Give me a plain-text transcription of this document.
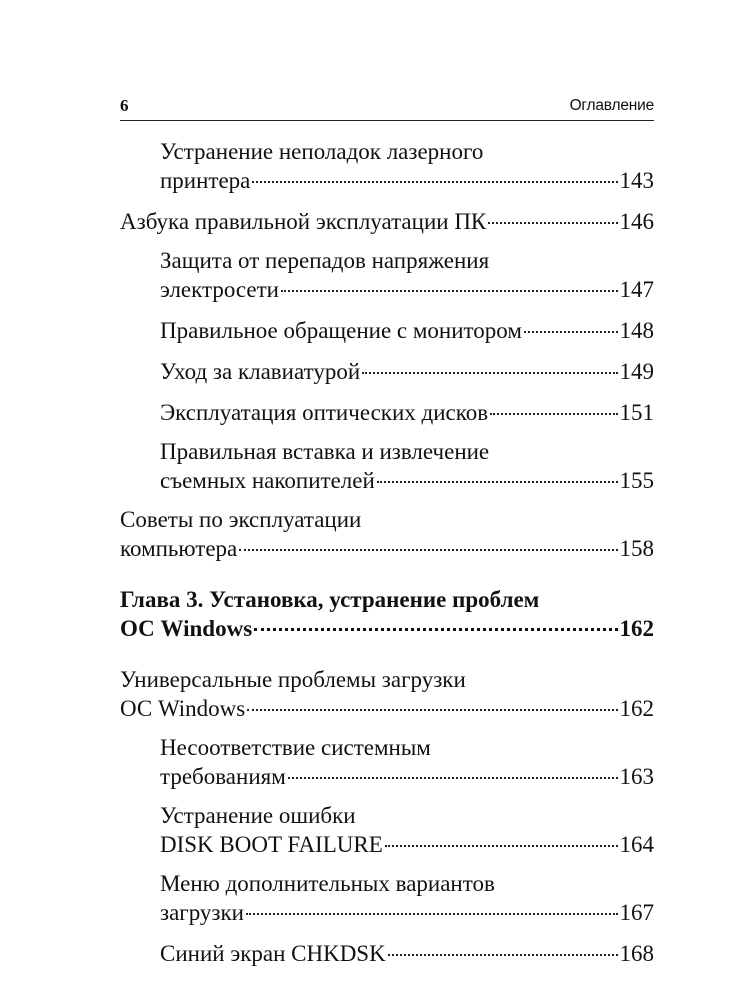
6	Оглавление
Устранение неполадок лазерного
принтера	143
Азбука правильной эксплуатации ПК	146
Защита от перепадов напряжения
электросети	147
Правильное обращение с монитором	148
Уход за клавиатурой	149
Эксплуатация оптических дисков	151
Правильная вставка и извлечение
съемных накопителей	155
Советы по эксплуатации
компьютера	158
Глава 3. Установка, устранение проблем
ОС Windows	162
Универсальные проблемы загрузки
ОС Windows	162
Несоответствие системным
требованиям	163
Устранение ошибки
DISK BOOT FAILURE	164
Меню дополнительных вариантов
загрузки	167
Синий экран CHKDSK	168
